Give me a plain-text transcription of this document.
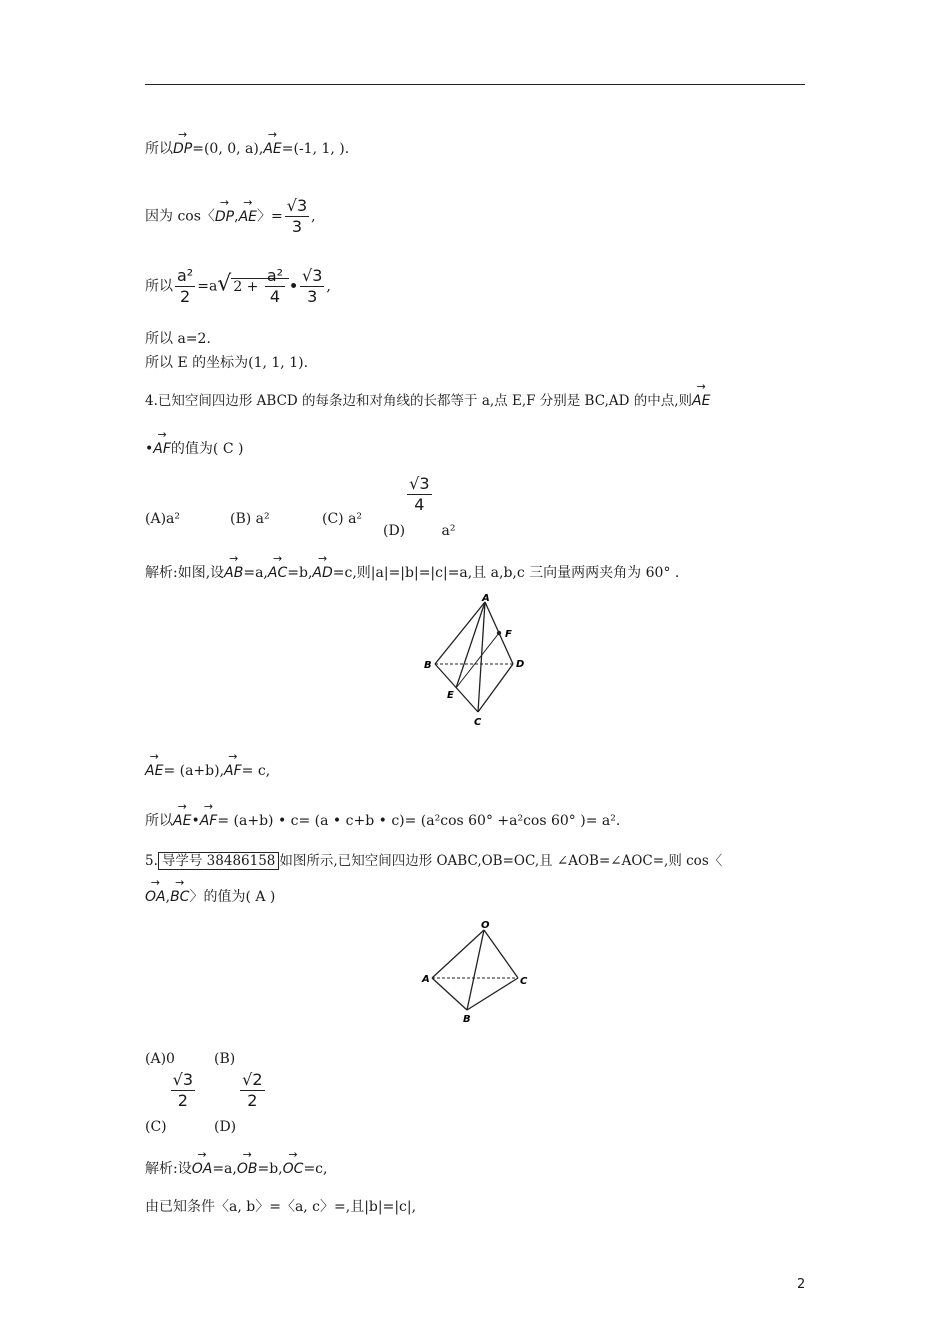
所以→ DP=(0, 0, a),→ AE=(-1, 1, ).
因为 cos〈→ DP,→ AE〉= $\frac{√3}{3}$ ,
所以 $\frac{\text{a²}}{2} =a√$ $2 + \frac{\text{a²}}{4}$ • $\frac{√3}{3}$ ,
所以 a=2.
所以 E 的坐标为(1, 1, 1).
4.已知空间四边形 ABCD 的每条边和对角线的长都等于 a,点 E,F 分别是 BC,AD 的中点,则→ AE
•→ AF的值为( C )
(A)a²	(B) a²	(C) a²
(D)
$\frac{√3}{4}$
a²
解析:如图,设→ AB=a,→ AC=b,→ AD=c,则|a|=|b|=|c|=a,且 a,b,c 三向量两两夹角为 60° .
A
B	D
C
E
F
→ AE= (a+b),→ AF= c,
所以→ AE•→ AF= (a+b) • c= (a • c+b • c)= (a²cos 60° +a²cos 60° )= a².
5. 导学号 38486158 如图所示,已知空间四边形 OABC,OB=OC,且 ∠AOB=∠AOC=,则 cos〈
→ OA,→ BC〉的值为( A )
O
A	C
B
(A)0	(B)
(C)
$\frac{√3}{2}$
(D)
$\frac{√2}{2}$
解析:设→ OA=a,→ OB=b,→ OC=c,
由已知条件〈a, b〉=〈a, c〉=,且|b|=|c|,
2
